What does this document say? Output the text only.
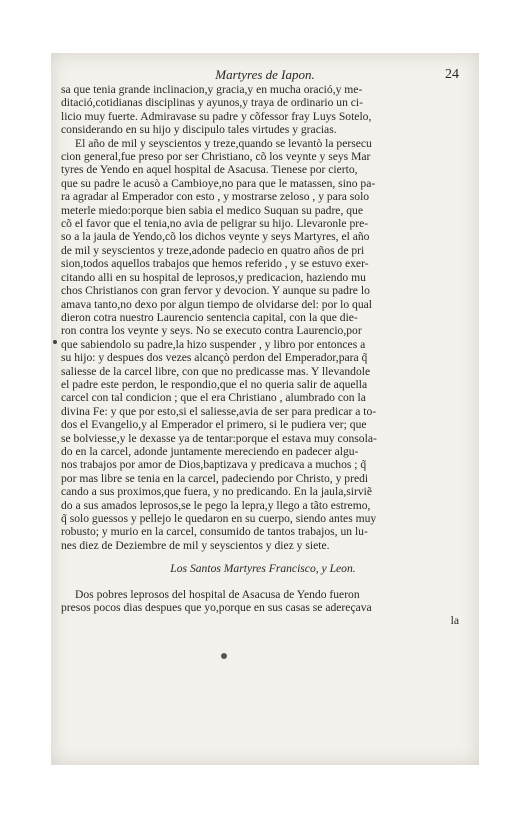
Martyres de Iapon.	24
sa que tenia grande inclinacion,y gracia,y en mucha oració,y me-
ditació,cotidianas disciplinas y ayunos,y traya de ordinario un ci-
licio muy fuerte. Admiravase su padre y cõfessor fray Luys Sotelo,
considerando en su hijo y discipulo tales virtudes y gracias.
El año de mil y seyscientos y treze,quando se levantò la persecu
cion general,fue preso por ser Christiano, cõ los veynte y seys Mar
tyres de Yendo en aquel hospital de Asacusa. Tienese por cierto,
que su padre le acusò a Cambioye,no para que le matassen, sino pa-
ra agradar al Emperador con esto , y mostrarse zeloso , y para solo
meterle miedo:porque bien sabia el medico Suquan su padre, que
cõ el favor que el tenia,no avia de peligrar su hijo. Llevaronle pre-
so a la jaula de Yendo,cõ los dichos veynte y seys Martyres, el año
de mil y seyscientos y treze,adonde padecio en quatro años de pri
sion,todos aquellos trabajos que hemos referido , y se estuvo exer-
citando alli en su hospital de leprosos,y predicacion, haziendo mu
chos Christianos con gran fervor y devocion. Y aunque su padre lo
amava tanto,no dexo por algun tiempo de olvidarse del: por lo qual
dieron cotra nuestro Laurencio sentencia capital, con la que die-
ron contra los veynte y seys. No se executo contra Laurencio,por
que sabiendolo su padre,la hizo suspender , y libro por entonces a
su hijo: y despues dos vezes alcançò perdon del Emperador,para q̃
saliesse de la carcel libre, con que no predicasse mas. Y llevandole
el padre este perdon, le respondio,que el no queria salir de aquella
carcel con tal condicion ; que el era Christiano , alumbrado con la
divina Fe: y que por esto,si el saliesse,avia de ser para predicar a to-
dos el Evangelio,y al Emperador el primero, si le pudiera ver; que
se bolviesse,y le dexasse ya de tentar:porque el estava muy consola-
do en la carcel, adonde juntamente mereciendo en padecer algu-
nos trabajos por amor de Dios,baptizava y predicava a muchos ; q̃
por mas libre se tenia en la carcel, padeciendo por Christo, y predi
cando a sus proximos,que fuera, y no predicando. En la jaula,sirviẽ
do a sus amados leprosos,se le pego la lepra,y llego a tãto estremo,
q̃ solo guessos y pellejo le quedaron en su cuerpo, siendo antes muy
robusto; y murio en la carcel, consumido de tantos trabajos, un lu-
nes diez de Deziembre de mil y seyscientos y diez y siete.
Los Santos Martyres Francisco, y Leon.
Dos pobres leprosos del hospital de Asacusa de Yendo fueron
presos pocos dias despues que yo,porque en sus casas se adereçava
la
